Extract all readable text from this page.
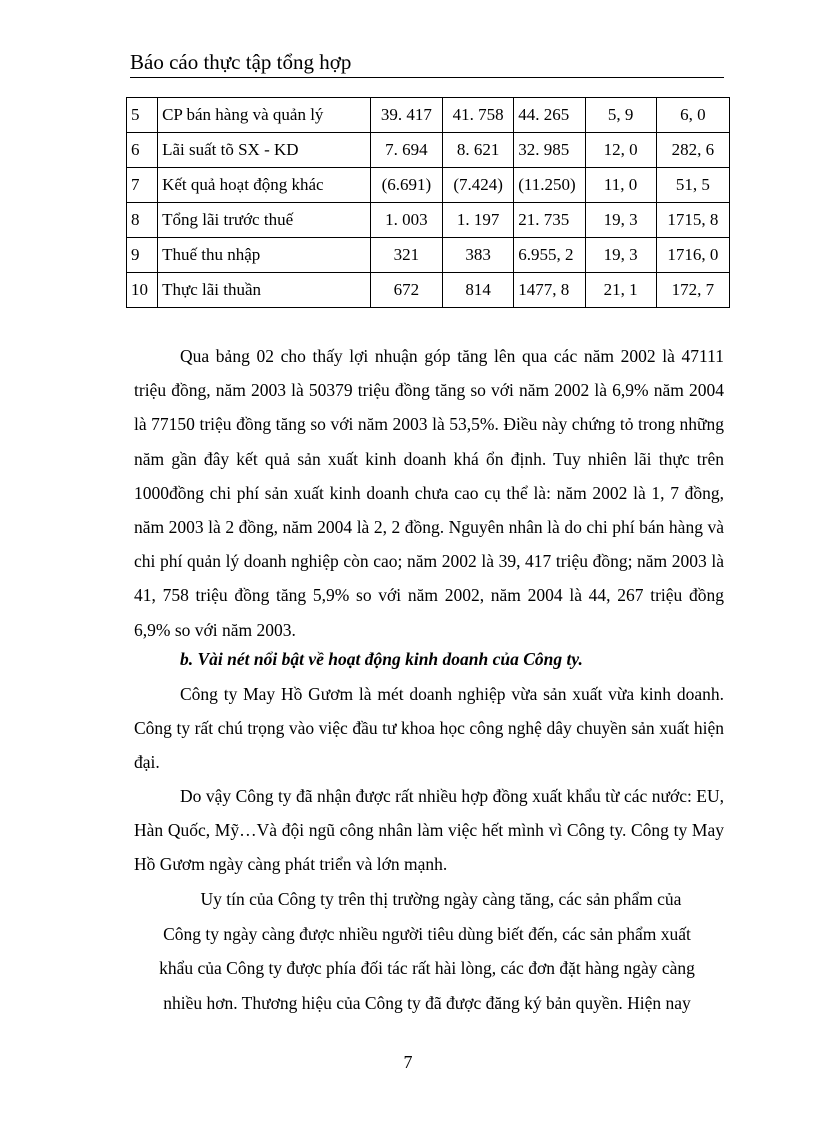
Báo cáo thực tập tổng hợp
5	CP bán hàng và quản lý	39. 417	41. 758	44. 265	5, 9	6, 0
6	Lãi suất tõ SX - KD	7. 694	8. 621	32. 985	12, 0	282, 6
7	Kết quả hoạt động khác	(6.691)	(7.424)	(11.250)	11, 0	51, 5
8	Tổng lãi trước thuế	1. 003	1. 197	21. 735	19, 3	1715, 8
9	Thuế thu nhập	321	383	6.955, 2	19, 3	1716, 0
10	Thực lãi thuần	672	814	1477, 8	21, 1	172, 7

Qua bảng 02 cho thấy lợi nhuận góp tăng lên qua các năm 2002 là 47111 triệu đồng, năm 2003 là 50379 triệu đồng tăng so với năm 2002 là 6,9% năm 2004 là 77150 triệu đồng tăng so với năm 2003 là 53,5%. Điều này chứng tỏ trong những năm gần đây kết quả sản xuất kinh doanh khá ổn định. Tuy nhiên lãi thực trên 1000đồng chi phí sản xuất kinh doanh chưa cao cụ thể là: năm 2002 là 1, 7 đồng, năm 2003 là 2 đồng, năm 2004 là 2, 2 đồng. Nguyên nhân là do chi phí bán hàng và chi phí quản lý doanh nghiệp còn cao; năm 2002 là 39, 417 triệu đồng; năm 2003 là 41, 758 triệu đồng tăng 5,9% so với năm 2002, năm 2004 là 44, 267 triệu đồng 6,9% so với năm 2003.

b. Vài nét nổi bật về hoạt động kinh doanh của Công ty.

Công ty May Hồ Gươm là mét doanh nghiệp vừa sản xuất vừa kinh doanh. Công ty rất chú trọng vào việc đầu tư khoa học công nghệ dây chuyền sản xuất hiện đại.

Do vậy Công ty đã nhận được rất nhiều hợp đồng xuất khẩu từ các nước: EU, Hàn Quốc, Mỹ…Và đội ngũ công nhân làm việc hết mình vì Công ty. Công ty May Hồ Gươm ngày càng phát triển và lớn mạnh.

Uy tín của Công ty trên thị trường ngày càng tăng, các sản phẩm của
Công ty ngày càng được nhiều người tiêu dùng biết đến, các sản phẩm xuất
khẩu của Công ty được phía đối tác rất hài lòng, các đơn đặt hàng ngày càng
nhiều hơn. Thương hiệu của Công ty đã được đăng ký bản quyền. Hiện nay
7
